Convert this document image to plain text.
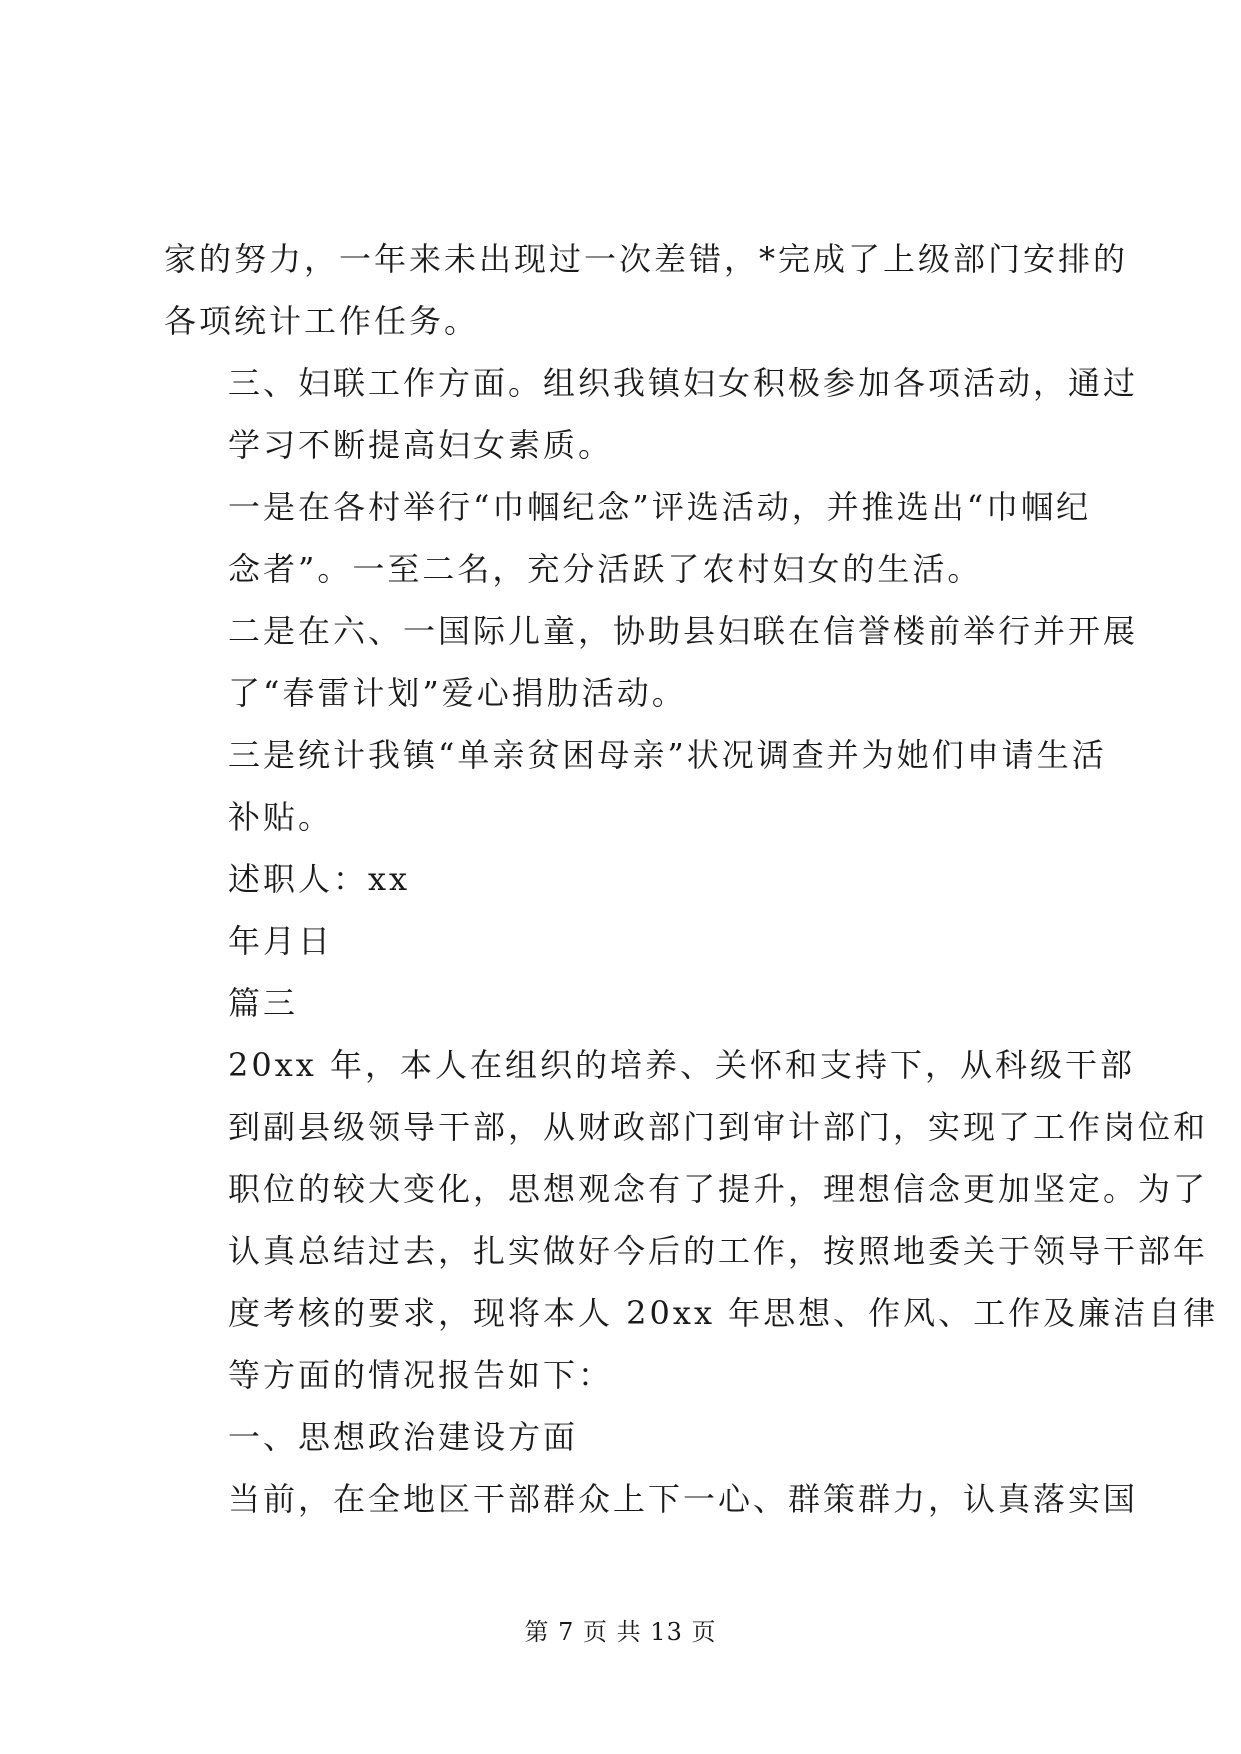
家的努力，一年来未出现过一次差错，*完成了上级部门安排的
各项统计工作任务。

三、妇联工作方面。组织我镇妇女积极参加各项活动，通过
学习不断提高妇女素质。

一是在各村举行“巾帼纪念”评选活动，并推选出“巾帼纪
念者”。一至二名，充分活跃了农村妇女的生活。

二是在六、一国际儿童，协助县妇联在信誉楼前举行并开展
了“春雷计划”爱心捐肋活动。

三是统计我镇“单亲贫困母亲”状况调查并为她们申请生活
补贴。

述职人：xx

年月日

篇三

20xx 年，本人在组织的培养、关怀和支持下，从科级干部
到副县级领导干部，从财政部门到审计部门，实现了工作岗位和
职位的较大变化，思想观念有了提升，理想信念更加坚定。为了
认真总结过去，扎实做好今后的工作，按照地委关于领导干部年
度考核的要求，现将本人 20xx 年思想、作风、工作及廉洁自律
等方面的情况报告如下：

一、思想政治建设方面

当前，在全地区干部群众上下一心、群策群力，认真落实国

第 7 页 共 13 页
